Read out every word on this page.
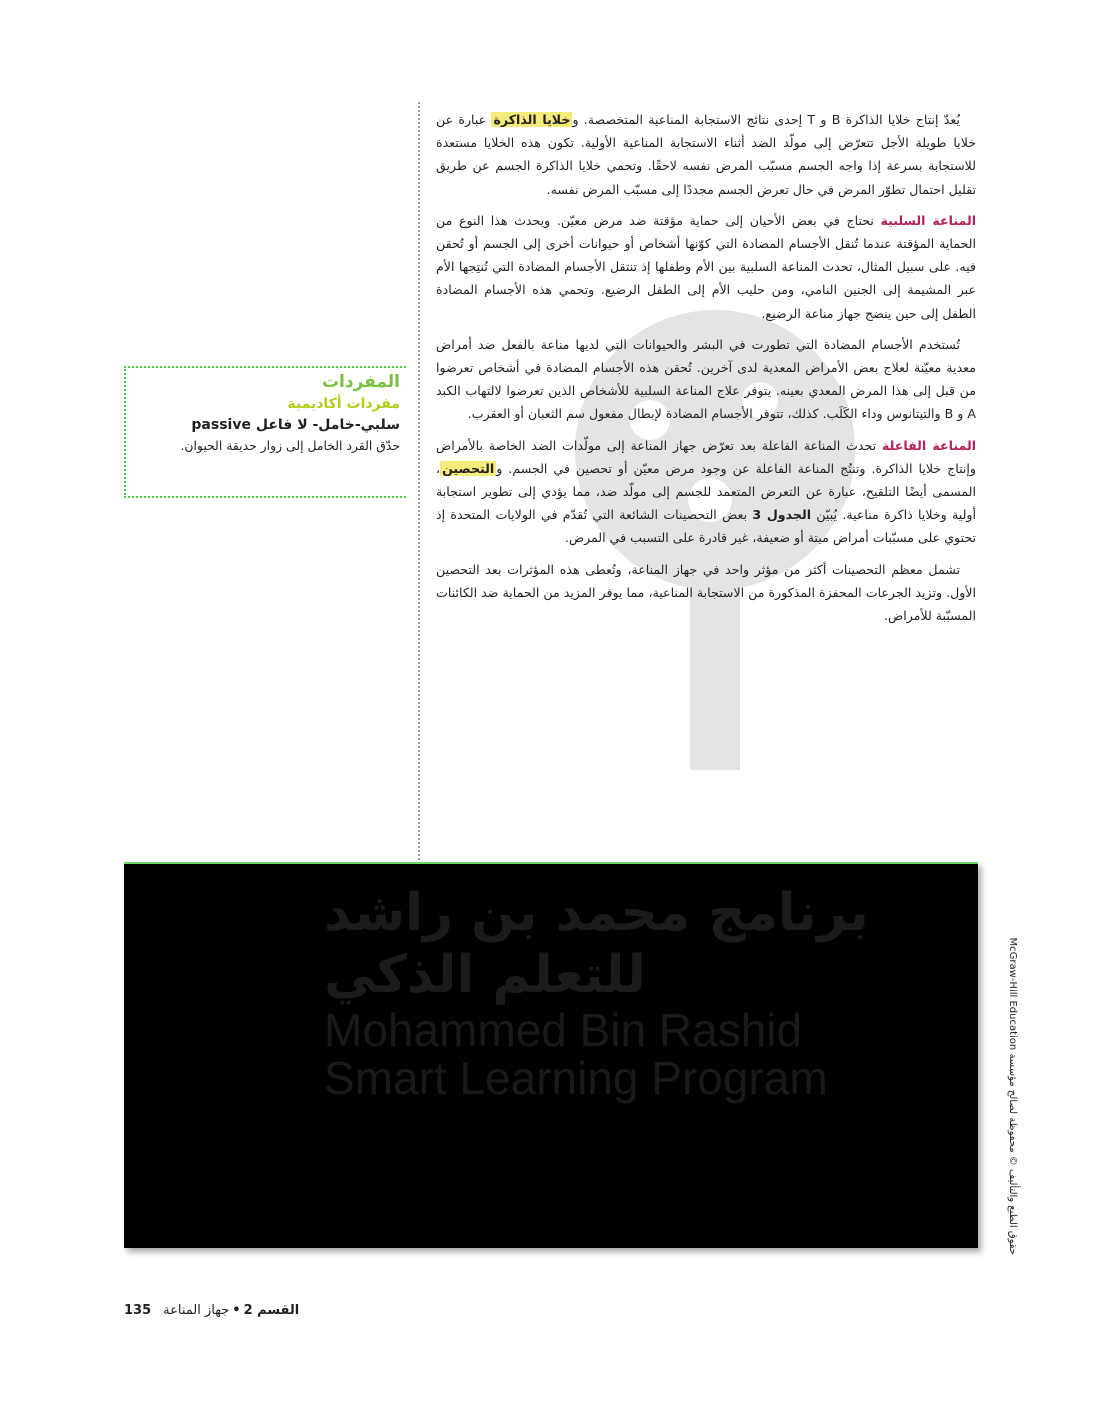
يُعدّ إنتاج خلايا الذاكرة B و T إحدى نتائج الاستجابة المناعية المتخصصة. وخلايا الذاكرة عبارة عن خلايا طويلة الأجل تتعرّض إلى مولّد الضد أثناء الاستجابة المناعية الأولية. تكون هذه الخلايا مستعدة للاستجابة بسرعة إذا واجه الجسم مسبّب المرض نفسه لاحقًا. وتحمي خلايا الذاكرة الجسم عن طريق تقليل احتمال تطوّر المرض في حال تعرض الجسم مجددًا إلى مسبّب المرض نفسه.

المناعة السلبية نحتاج في بعض الأحيان إلى حماية مؤقتة ضد مرض معيّن. ويحدث هذا النوع من الحماية المؤقتة عندما تُنقل الأجسام المضادة التي كوّنها أشخاص أو حيوانات أخرى إلى الجسم أو تُحقن فيه. على سبيل المثال، تحدث المناعة السلبية بين الأم وطفلها إذ تنتقل الأجسام المضادة التي تُنتِجها الأم عبر المشيمة إلى الجنين النامي، ومن حليب الأم إلى الطفل الرضيع. وتحمي هذه الأجسام المضادة الطفل إلى حين ينضج جهاز مناعة الرضيع.

تُستخدم الأجسام المضادة التي تطورت في البشر والحيوانات التي لديها مناعة بالفعل ضد أمراض معدية معيّنة لعلاج بعض الأمراض المعدية لدى آخرين. تُحقن هذه الأجسام المضادة في أشخاص تعرضوا من قبل إلى هذا المرض المعدي بعينه. يتوفر علاج المناعة السلبية للأشخاص الذين تعرضوا لالتهاب الكبد A و B والتيتانوس وداء الكَلَب. كذلك، تتوفر الأجسام المضادة لإبطال مفعول سم الثعبان أو العقرب.

المناعة الفاعلة تحدث المناعة الفاعلة بعد تعرّض جهاز المناعة إلى مولّدات الضد الخاصة بالأمراض وإنتاج خلايا الذاكرة. وتنتُج المناعة الفاعلة عن وجود مرض معيّن أو تحصين في الجسم. والتحصين، المسمى أيضًا التلقيح، عبارة عن التعرض المتعمد للجسم إلى مولّد ضد، مما يؤدي إلى تطوير استجابة أولية وخلايا ذاكرة مناعية. يُبيّن الجدول 3 بعض التحصينات الشائعة التي تُقدّم في الولايات المتحدة إذ تحتوي على مسبّبات أمراض ميتة أو ضعيفة، غير قادرة على التسبب في المرض.

تشمل معظم التحصينات أكثر من مؤثر واحد في جهاز المناعة، وتُعطى هذه المؤثرات بعد التحصين الأول. وتزيد الجرعات المحفزة المذكورة من الاستجابة المناعية، مما يوفر المزيد من الحماية ضد الكائنات المسبّبة للأمراض.

المفردات
مفردات أكاديمية
سلبي-خامل- لا فاعل passive
حدّق القرد الخامل إلى زوار حديقة الحيوان.
برنامج محمد بن راشد
للتعلم الذكي
Mohammed Bin Rashid
Smart Learning Program
حقوق الطبع والتأليف © محفوظة لصالح مؤسسة McGraw-Hill Education
القسم 2•جهاز المناعة135
